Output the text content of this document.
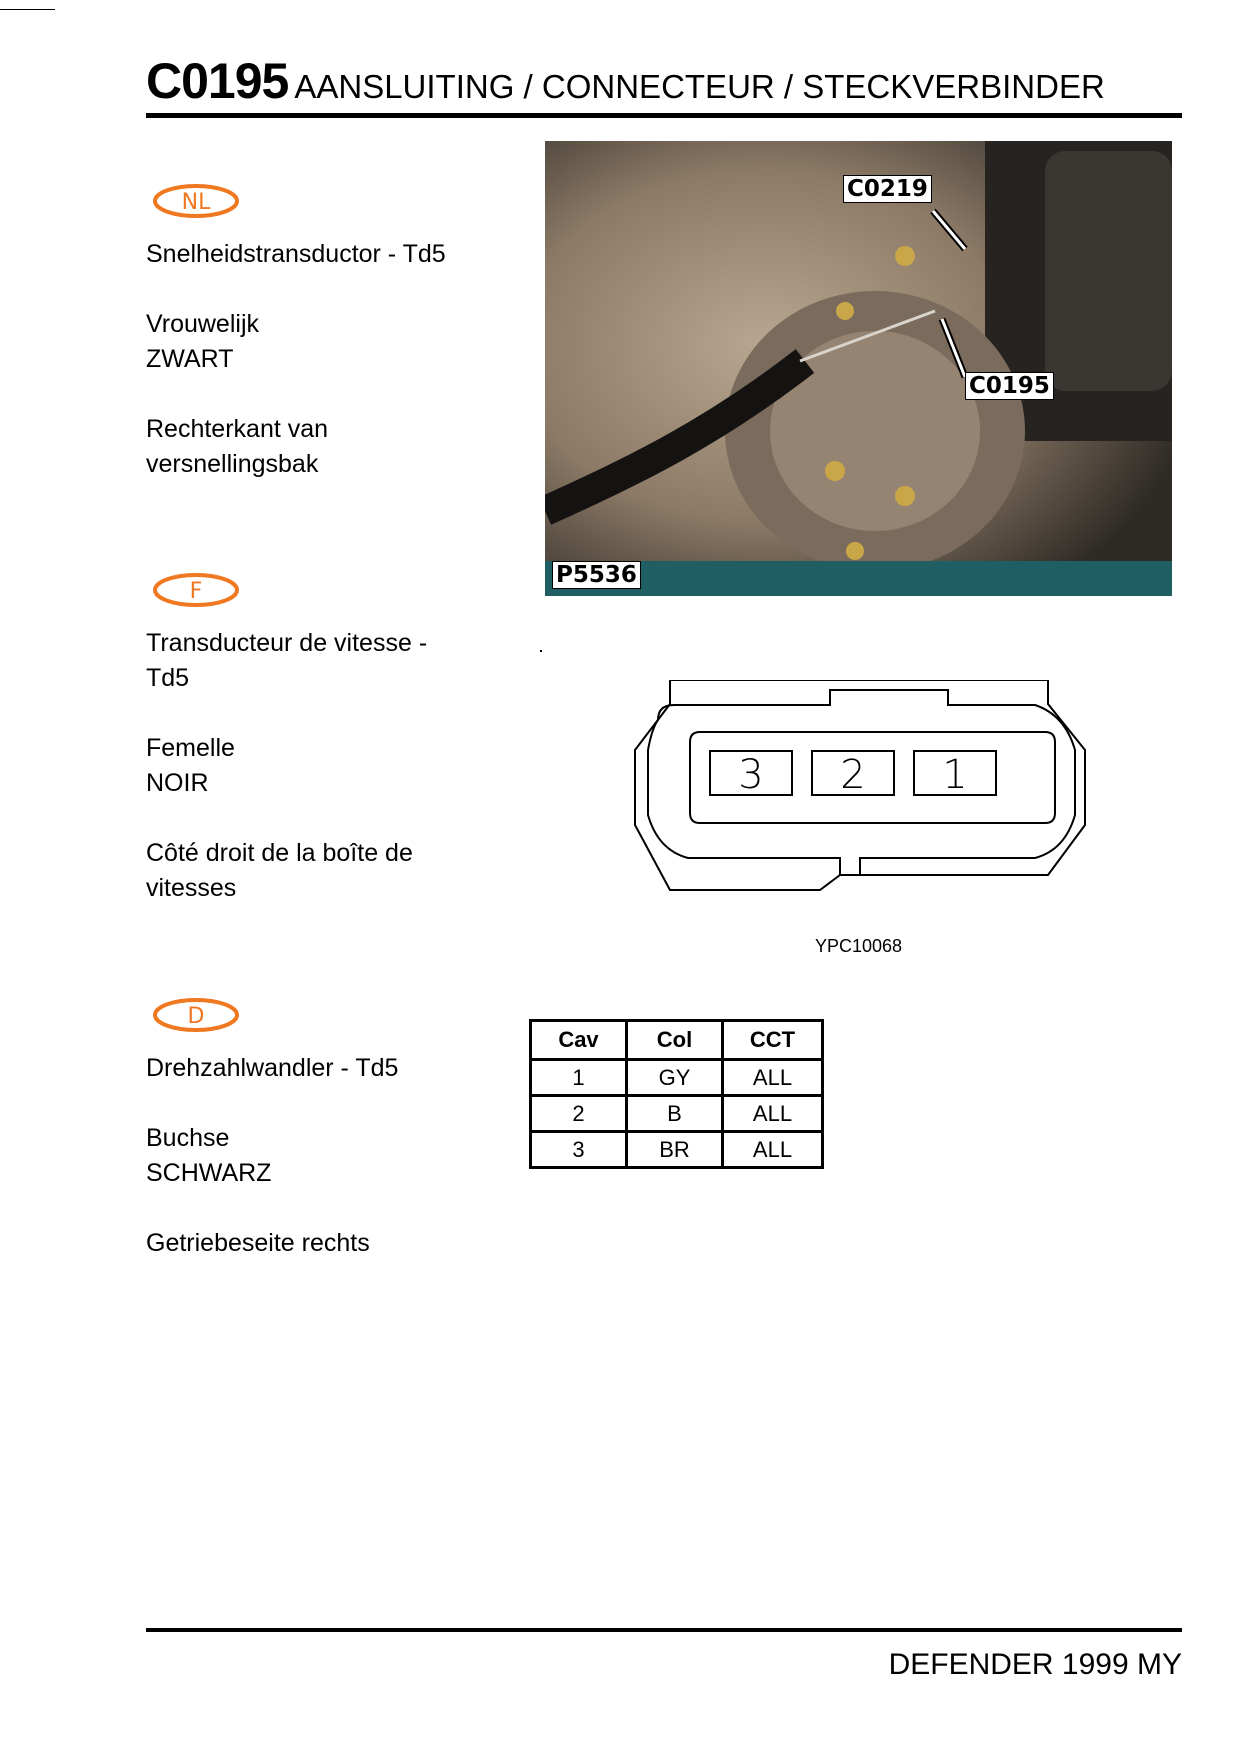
C0195 AANSLUITING / CONNECTEUR / STECKVERBINDER
NL

Snelheidstransductor - Td5

Vrouwelijk

ZWART

Rechterkant van

versnellingsbak

F

Transducteur de vitesse -

Td5

Femelle

NOIR

Côté droit de la boîte de

vitesses

D

Drehzahlwandler - Td5

Buchse

SCHWARZ

Getriebeseite rechts

C0219
C0195
P5536
3 2 1
YPC10068
Cav	Col	CCT
1	GY	ALL
2	B	ALL
3	BR	ALL
DEFENDER 1999 MY
